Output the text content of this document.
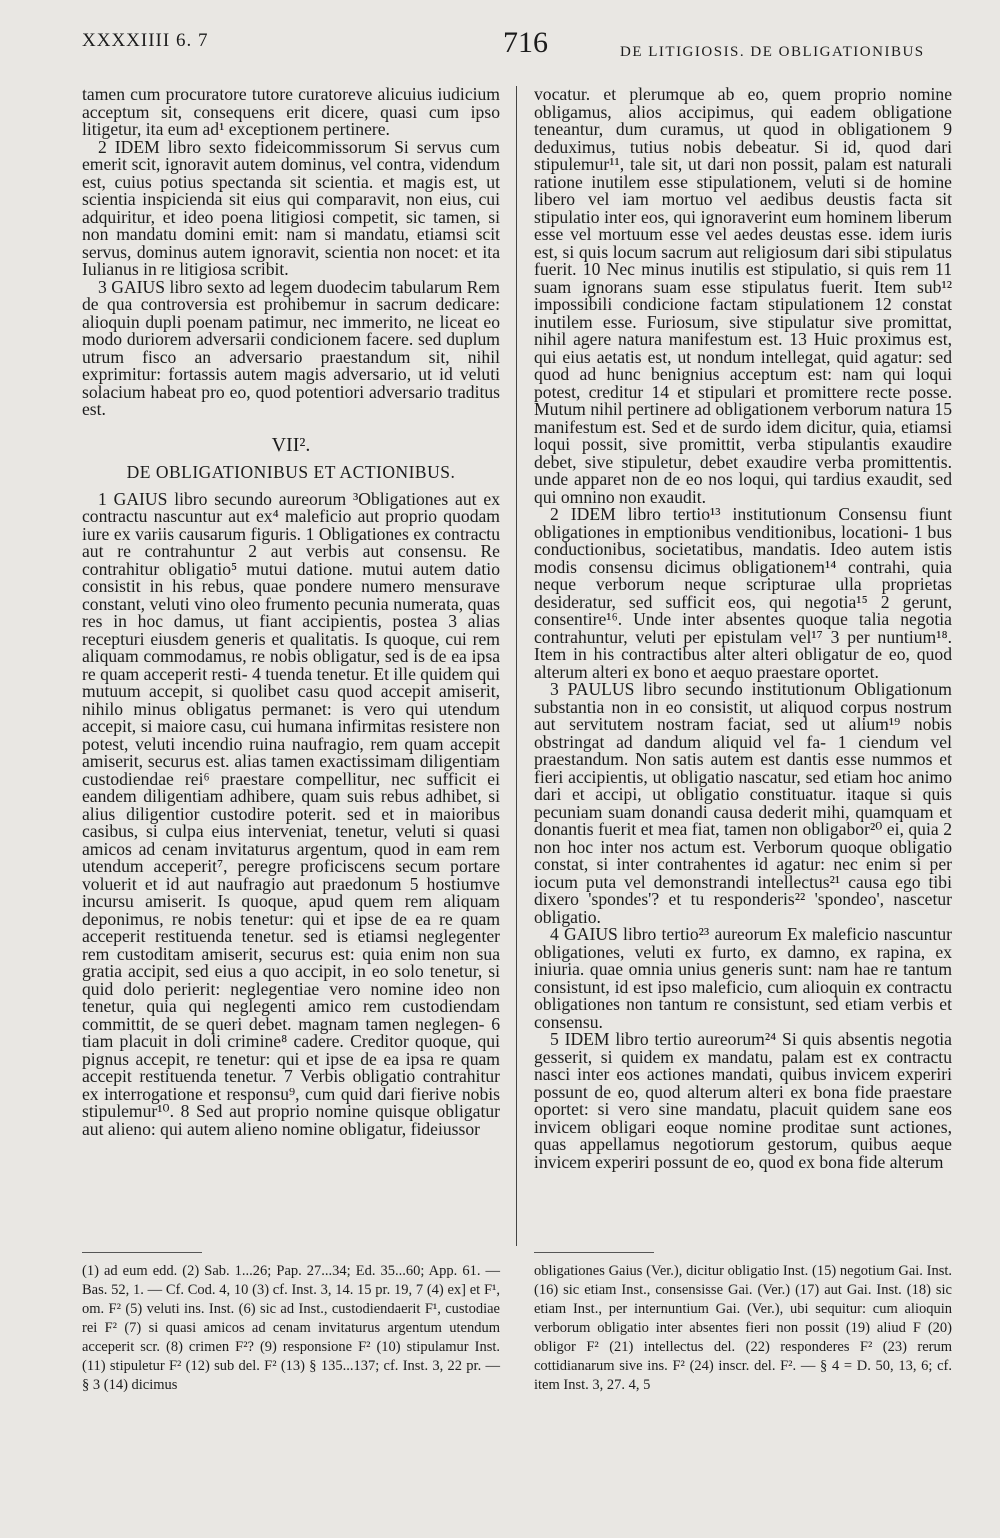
XXXXIIII 6. 7	716	DE LITIGIOSIS. DE OBLIGATIONIBUS

tamen cum procuratore tutore curatoreve alicuius iudicium acceptum sit, consequens erit dicere, quasi cum ipso litigetur, ita eum ad¹ exceptionem pertinere.

2 IDEM libro sexto fideicommissorum Si servus cum emerit scit, ignoravit autem dominus, vel contra, videndum est, cuius potius spectanda sit scientia. et magis est, ut scientia inspicienda sit eius qui comparavit, non eius, cui adquiritur, et ideo poena litigiosi competit, sic tamen, si non mandatu domini emit: nam si mandatu, etiamsi scit servus, dominus autem ignoravit, scientia non nocet: et ita Iulianus in re litigiosa scribit.

3 GAIUS libro sexto ad legem duodecim tabularum Rem de qua controversia est prohibemur in sacrum dedicare: alioquin dupli poenam patimur, nec immerito, ne liceat eo modo duriorem adversarii condicionem facere. sed duplum utrum fisco an adversario praestandum sit, nihil exprimitur: fortassis autem magis adversario, ut id veluti solacium habeat pro eo, quod potentiori adversario traditus est.

VII².

DE OBLIGATIONIBUS ET ACTIONIBUS.

1 GAIUS libro secundo aureorum ³Obligationes aut ex contractu nascuntur aut ex⁴ maleficio aut proprio quodam iure ex variis causarum figuris. 1 Obligationes ex contractu aut re contrahuntur 2 aut verbis aut consensu. Re contrahitur obligatio⁵ mutui datione. mutui autem datio consistit in his rebus, quae pondere numero mensurave constant, veluti vino oleo frumento pecunia numerata, quas res in hoc damus, ut fiant accipientis, postea 3 alias recepturi eiusdem generis et qualitatis. Is quoque, cui rem aliquam commodamus, re nobis obligatur, sed is de ea ipsa re quam acceperit resti- 4 tuenda tenetur. Et ille quidem qui mutuum accepit, si quolibet casu quod accepit amiserit, nihilo minus obligatus permanet: is vero qui utendum accepit, si maiore casu, cui humana infirmitas resistere non potest, veluti incendio ruina naufragio, rem quam accepit amiserit, securus est. alias tamen exactissimam diligentiam custodiendae rei⁶ praestare compellitur, nec sufficit ei eandem diligentiam adhibere, quam suis rebus adhibet, si alius diligentior custodire poterit. sed et in maioribus casibus, si culpa eius interveniat, tenetur, veluti si quasi amicos ad cenam invitaturus argentum, quod in eam rem utendum acceperit⁷, peregre proficiscens secum portare voluerit et id aut naufragio aut praedonum 5 hostiumve incursu amiserit. Is quoque, apud quem rem aliquam deponimus, re nobis tenetur: qui et ipse de ea re quam acceperit restituenda tenetur. sed is etiamsi neglegenter rem custoditam amiserit, securus est: quia enim non sua gratia accipit, sed eius a quo accipit, in eo solo tenetur, si quid dolo perierit: neglegentiae vero nomine ideo non tenetur, quia qui neglegenti amico rem custodiendam committit, de se queri debet. magnam tamen neglegen- 6 tiam placuit in doli crimine⁸ cadere. Creditor quoque, qui pignus accepit, re tenetur: qui et ipse de ea ipsa re quam accepit restituenda tenetur. 7 Verbis obligatio contrahitur ex interrogatione et responsu⁹, cum quid dari fierive nobis stipulemur¹⁰. 8 Sed aut proprio nomine quisque obligatur aut alieno: qui autem alieno nomine obligatur, fideiussor

vocatur. et plerumque ab eo, quem proprio nomine obligamus, alios accipimus, qui eadem obligatione teneantur, dum curamus, ut quod in obligationem 9 deduximus, tutius nobis debeatur. Si id, quod dari stipulemur¹¹, tale sit, ut dari non possit, palam est naturali ratione inutilem esse stipulationem, veluti si de homine libero vel iam mortuo vel aedibus deustis facta sit stipulatio inter eos, qui ignoraverint eum hominem liberum esse vel mortuum esse vel aedes deustas esse. idem iuris est, si quis locum sacrum aut religiosum dari sibi stipulatus fuerit. 10 Nec minus inutilis est stipulatio, si quis rem 11 suam ignorans suam esse stipulatus fuerit. Item sub¹² impossibili condicione factam stipulationem 12 constat inutilem esse. Furiosum, sive stipulatur sive promittat, nihil agere natura manifestum est. 13 Huic proximus est, qui eius aetatis est, ut nondum intellegat, quid agatur: sed quod ad hunc benignius acceptum est: nam qui loqui potest, creditur 14 et stipulari et promittere recte posse. Mutum nihil pertinere ad obligationem verborum natura 15 manifestum est. Sed et de surdo idem dicitur, quia, etiamsi loqui possit, sive promittit, verba stipulantis exaudire debet, sive stipuletur, debet exaudire verba promittentis. unde apparet non de eo nos loqui, qui tardius exaudit, sed qui omnino non exaudit.

2 IDEM libro tertio¹³ institutionum Consensu fiunt obligationes in emptionibus venditionibus, locationi- 1 bus conductionibus, societatibus, mandatis. Ideo autem istis modis consensu dicimus obligationem¹⁴ contrahi, quia neque verborum neque scripturae ulla proprietas desideratur, sed sufficit eos, qui negotia¹⁵ 2 gerunt, consentire¹⁶. Unde inter absentes quoque talia negotia contrahuntur, veluti per epistulam vel¹⁷ 3 per nuntium¹⁸. Item in his contractibus alter alteri obligatur de eo, quod alterum alteri ex bono et aequo praestare oportet.

3 PAULUS libro secundo institutionum Obligationum substantia non in eo consistit, ut aliquod corpus nostrum aut servitutem nostram faciat, sed ut alium¹⁹ nobis obstringat ad dandum aliquid vel fa- 1 ciendum vel praestandum. Non satis autem est dantis esse nummos et fieri accipientis, ut obligatio nascatur, sed etiam hoc animo dari et accipi, ut obligatio constituatur. itaque si quis pecuniam suam donandi causa dederit mihi, quamquam et donantis fuerit et mea fiat, tamen non obligabor²⁰ ei, quia 2 non hoc inter nos actum est. Verborum quoque obligatio constat, si inter contrahentes id agatur: nec enim si per iocum puta vel demonstrandi intellectus²¹ causa ego tibi dixero 'spondes'? et tu responderis²² 'spondeo', nascetur obligatio.

4 GAIUS libro tertio²³ aureorum Ex maleficio nascuntur obligationes, veluti ex furto, ex damno, ex rapina, ex iniuria. quae omnia unius generis sunt: nam hae re tantum consistunt, id est ipso maleficio, cum alioquin ex contractu obligationes non tantum re consistunt, sed etiam verbis et consensu.

5 IDEM libro tertio aureorum²⁴ Si quis absentis negotia gesserit, si quidem ex mandatu, palam est ex contractu nasci inter eos actiones mandati, quibus invicem experiri possunt de eo, quod alterum alteri ex bona fide praestare oportet: si vero sine mandatu, placuit quidem sane eos invicem obligari eoque nomine proditae sunt actiones, quas appellamus negotiorum gestorum, quibus aeque invicem experiri possunt de eo, quod ex bona fide alterum

(1) ad eum edd. (2) Sab. 1...26; Pap. 27...34; Ed. 35...60; App. 61. — Bas. 52, 1. — Cf. Cod. 4, 10 (3) cf. Inst. 3, 14. 15 pr. 19, 7 (4) ex] et F¹, om. F² (5) veluti ins. Inst. (6) sic ad Inst., custodiendaerit F¹, custodiae rei F² (7) si quasi amicos ad cenam invitaturus argentum utendum acceperit scr. (8) crimen F²? (9) responsione F² (10) stipulamur Inst. (11) stipuletur F² (12) sub del. F² (13) § 135...137; cf. Inst. 3, 22 pr. — § 3 (14) dicimus
obligationes Gaius (Ver.), dicitur obligatio Inst. (15) negotium Gai. Inst. (16) sic etiam Inst., consensisse Gai. (Ver.) (17) aut Gai. Inst. (18) sic etiam Inst., per internuntium Gai. (Ver.), ubi sequitur: cum alioquin verborum obligatio inter absentes fieri non possit (19) aliud F (20) obligor F² (21) intellectus del. (22) responderes F² (23) rerum cottidianarum sive ins. F² (24) inscr. del. F². — § 4 = D. 50, 13, 6; cf. item Inst. 3, 27. 4, 5
